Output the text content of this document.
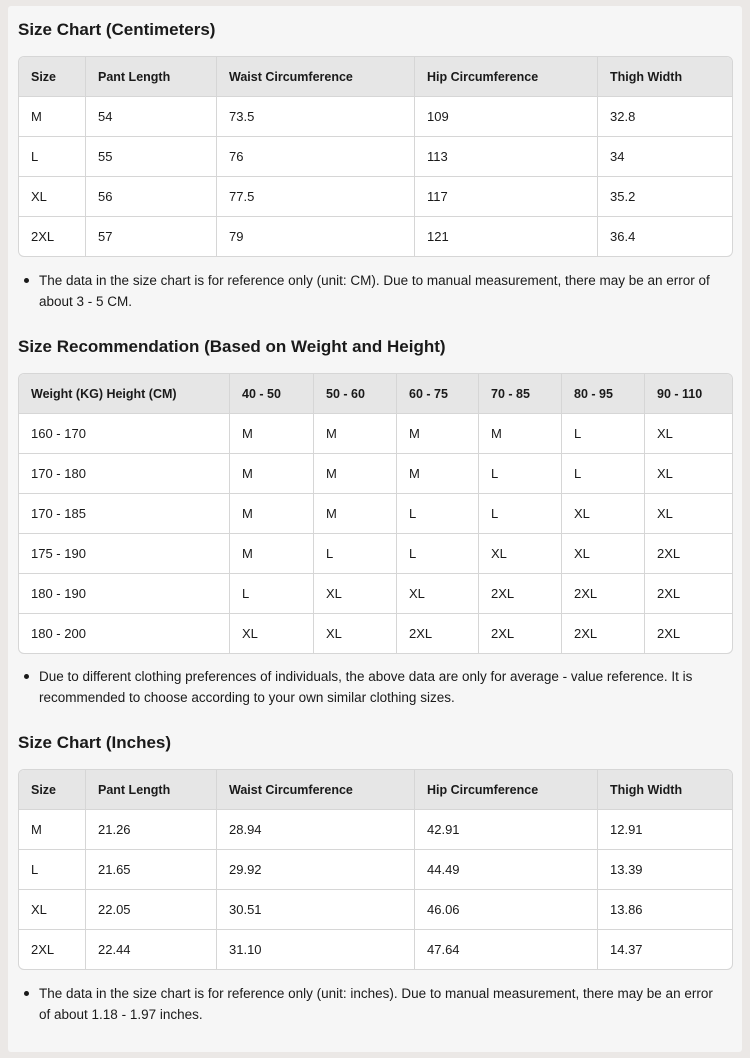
Size Chart (Centimeters)
Size	Pant Length	Waist Circumference	Hip Circumference	Thigh Width
M	54	73.5	109	32.8
L	55	76	113	34
XL	56	77.5	117	35.2
2XL	57	79	121	36.4
The data in the size chart is for reference only (unit: CM). Due to manual measurement, there may be an error of about 3 - 5 CM.
Size Recommendation (Based on Weight and Height)
Weight (KG) Height (CM)	40 - 50	50 - 60	60 - 75	70 - 85	80 - 95	90 - 110
160 - 170	M	M	M	M	L	XL
170 - 180	M	M	M	L	L	XL
170 - 185	M	M	L	L	XL	XL
175 - 190	M	L	L	XL	XL	2XL
180 - 190	L	XL	XL	2XL	2XL	2XL
180 - 200	XL	XL	2XL	2XL	2XL	2XL
Due to different clothing preferences of individuals, the above data are only for average - value reference. It is recommended to choose according to your own similar clothing sizes.
Size Chart (Inches)
Size	Pant Length	Waist Circumference	Hip Circumference	Thigh Width
M	21.26	28.94	42.91	12.91
L	21.65	29.92	44.49	13.39
XL	22.05	30.51	46.06	13.86
2XL	22.44	31.10	47.64	14.37
The data in the size chart is for reference only (unit: inches). Due to manual measurement, there may be an error of about 1.18 - 1.97 inches.
